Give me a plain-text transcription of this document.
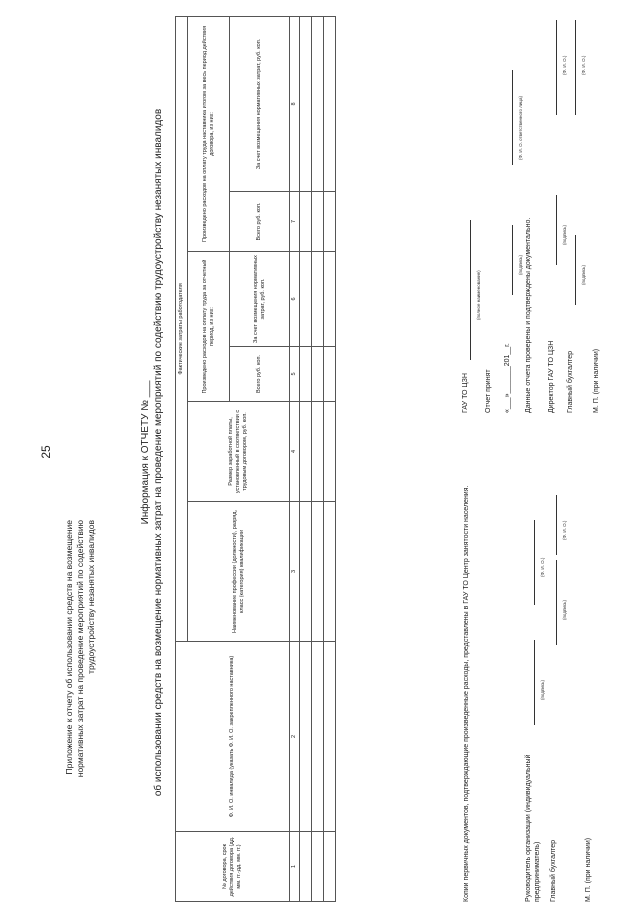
25
Приложение к отчету об использовании средств на возмещение нормативных затрат на проведение мероприятий по содействию трудоустройству незанятых инвалидов
Информация к ОТЧЕТУ № ___ об использовании средств на возмещение нормативных затрат на проведение мероприятий по содействию трудоустройству незанятых инвалидов
№ договора, срок действия договора (дд. мм. гг.-дд. мм. гг.)	Ф. И. О. инвалида (указать Ф. И. О. закрепленного наставника)	Фактические затраты работодателя					
		Наименование профессии (должности), разряд, класс (категория) квалификации	Размер заработной платы, установленный в соответствии с трудовым договором, руб. коп.	Произведено расходов на оплату труда за отчетный период, из них:		Произведено расходов на оплату труда наставника итогом за весь период действия договора, из них:	
				Всего руб. коп.	За счет возмещения нормативных затрат, руб. коп.	Всего руб. коп.	За счет возмещения нормативных затрат, руб. коп.
1	2	3	4	5	6	7	8

Копии первичных документов, подтверждающие произведенные расходы, представлены в ГАУ ТО Центр занятости населения.	Руководитель организации (индивидуальный предприниматель)
(подпись)
(Ф. И. О.)
Главный бухгалтер
(подпись)
(Ф. И. О.)
М. П. (при наличии)
ГАУ ТО ЦЗН
(полное наименование)
Отчет принят «___»_______201__г.
(подпись)
(Ф. И. О. ответственного лица)
Данные отчета проверены и подтверждены документально. Директор ГАУ ТО ЦЗН
(подпись)
(Ф. И. О.)
Главный бухгалтер
(подпись)
(Ф. И. О.)
М. П. (при наличии)
